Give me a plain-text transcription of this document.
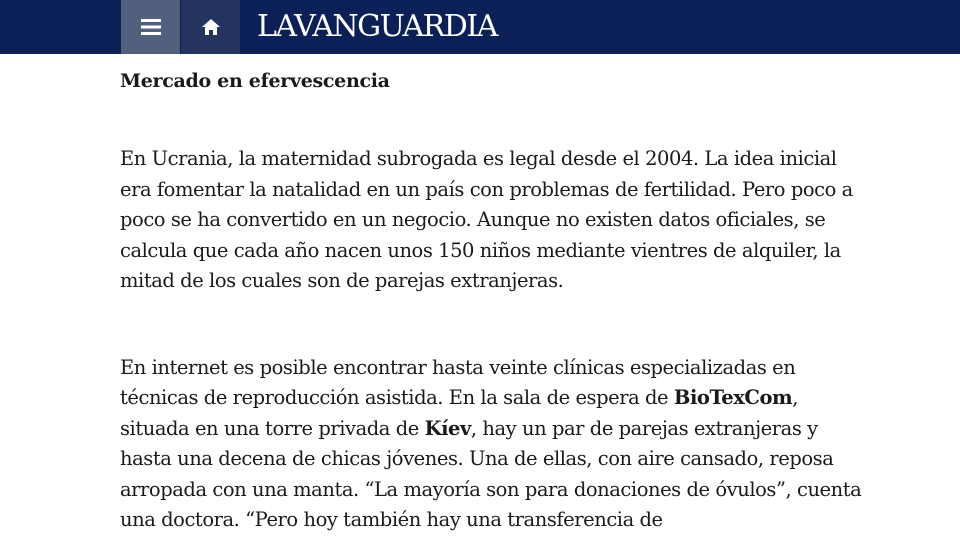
LAVANGUARDIA
Mercado en efervescencia

En Ucrania, la maternidad subrogada es legal desde el 2004. La idea inicial era fomentar la natalidad en un país con problemas de fertilidad. Pero poco a poco se ha convertido en un negocio. Aunque no existen datos oficiales, se calcula que cada año nacen unos 150 niños mediante vientres de alquiler, la mitad de los cuales son de parejas extranjeras.

En internet es posible encontrar hasta veinte clínicas especializadas en técnicas de reproducción asistida. En la sala de espera de BioTexCom, situada en una torre privada de Kíev, hay un par de parejas extranjeras y hasta una decena de chicas jóvenes. Una de ellas, con aire cansado, reposa arropada con una manta. “La mayoría son para donaciones de óvulos”, cuenta una doctora. “Pero hoy también hay una transferencia de
